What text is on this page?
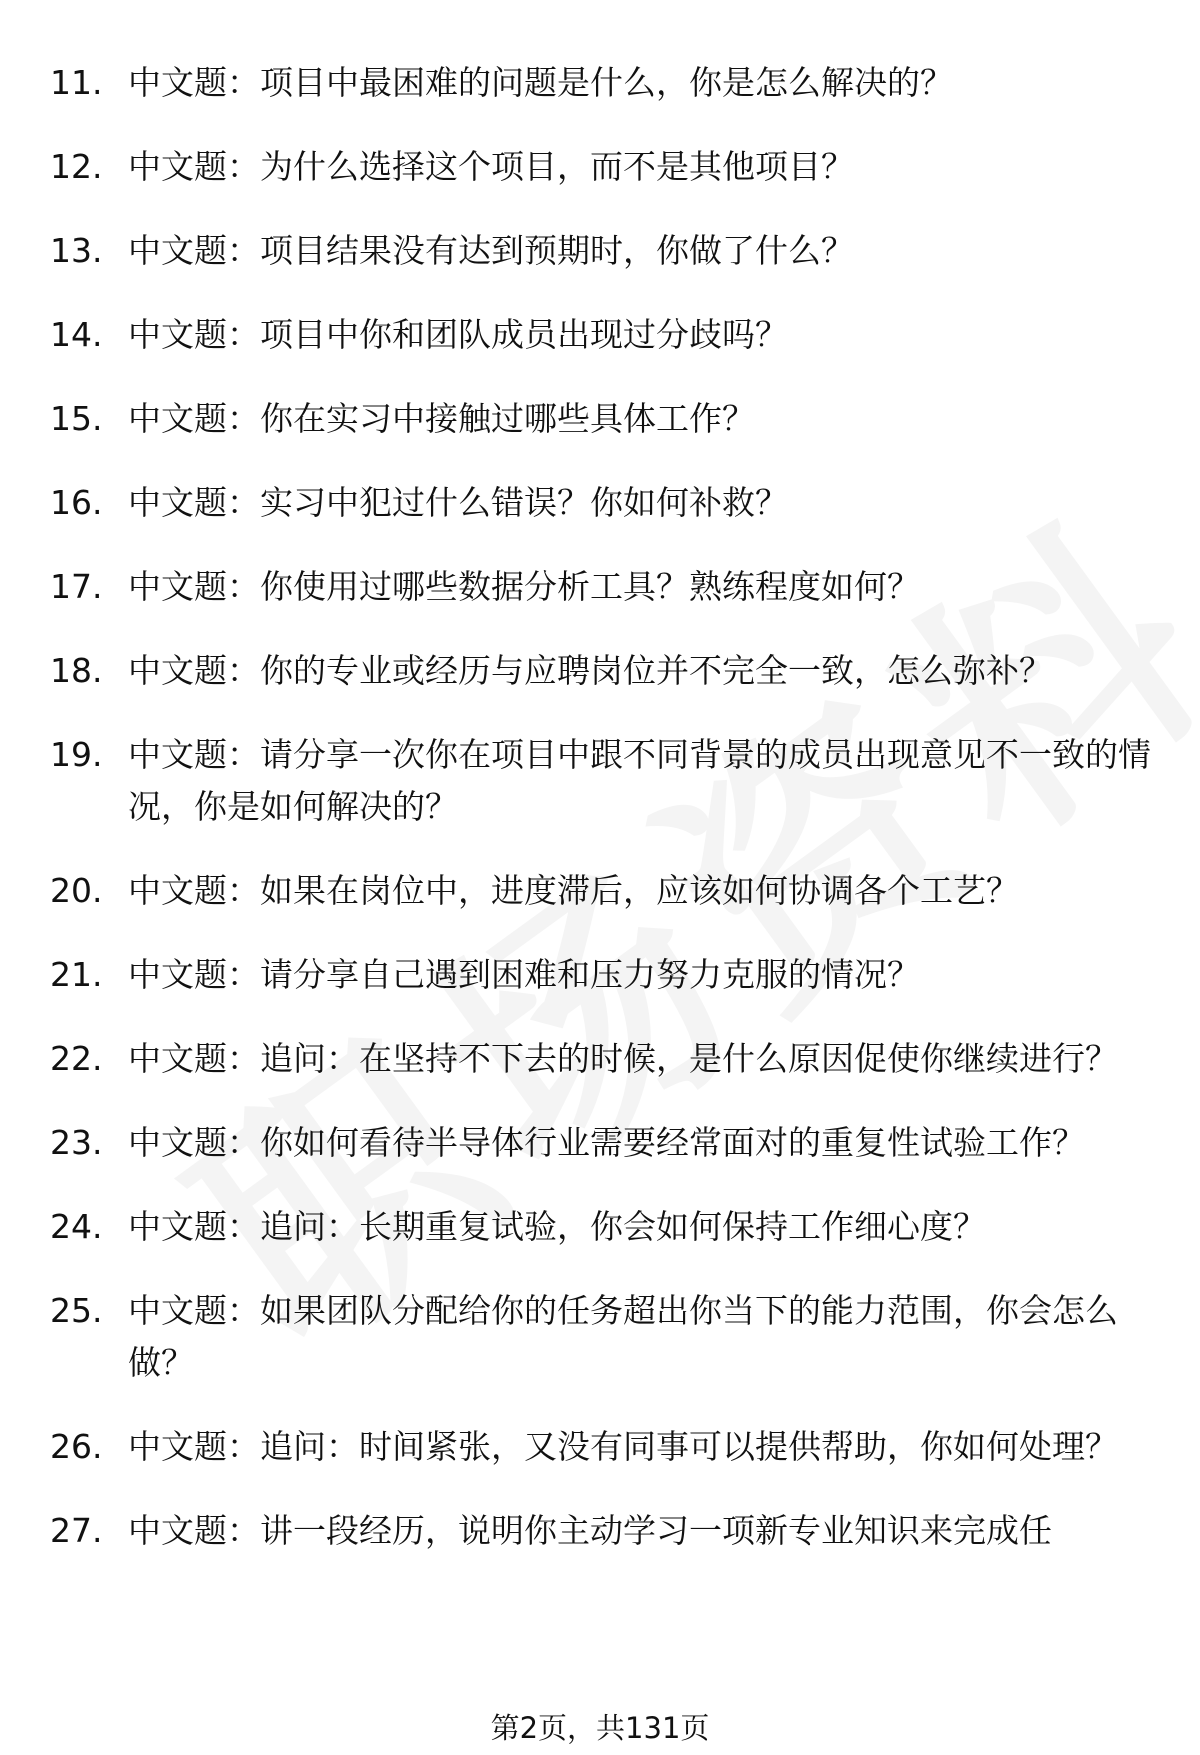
11. 中文题：项目中最困难的问题是什么，你是怎么解决的？
12. 中文题：为什么选择这个项目，而不是其他项目？
13. 中文题：项目结果没有达到预期时，你做了什么？
14. 中文题：项目中你和团队成员出现过分歧吗？
15. 中文题：你在实习中接触过哪些具体工作？
16. 中文题：实习中犯过什么错误？你如何补救？
17. 中文题：你使用过哪些数据分析工具？熟练程度如何？
18. 中文题：你的专业或经历与应聘岗位并不完全一致，怎么弥补？
19. 中文题：请分享一次你在项目中跟不同背景的成员出现意见不一致的情况，你是如何解决的？
20. 中文题：如果在岗位中，进度滞后，应该如何协调各个工艺？
21. 中文题：请分享自己遇到困难和压力努力克服的情况？
22. 中文题：追问：在坚持不下去的时候，是什么原因促使你继续进行？
23. 中文题：你如何看待半导体行业需要经常面对的重复性试验工作？
24. 中文题：追问：长期重复试验，你会如何保持工作细心度？
25. 中文题：如果团队分配给你的任务超出你当下的能力范围，你会怎么做？
26. 中文题：追问：时间紧张，又没有同事可以提供帮助，你如何处理？
27. 中文题：讲一段经历，说明你主动学习一项新专业知识来完成任
第2页，共131页
